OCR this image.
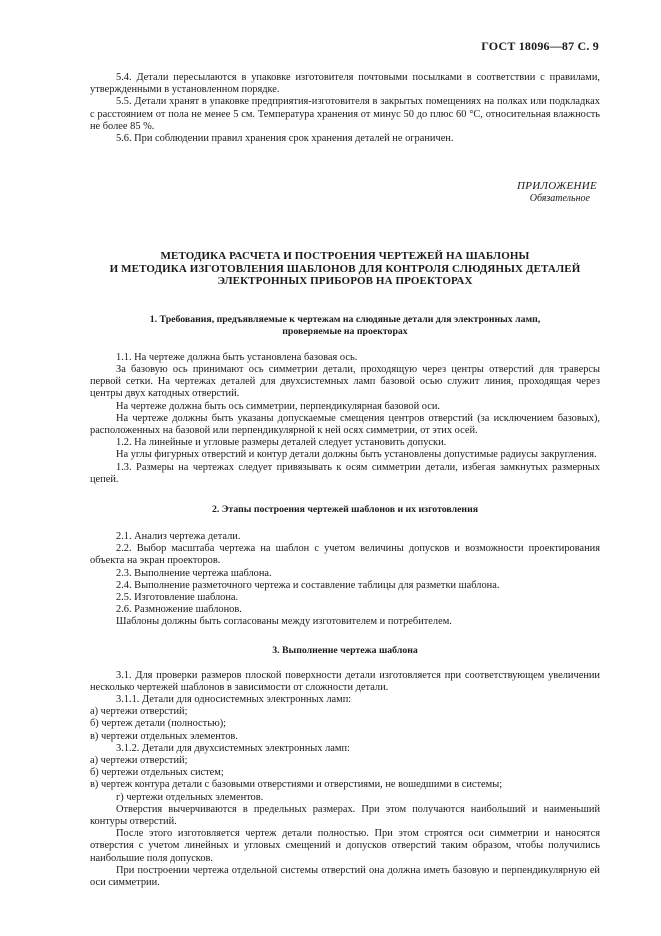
ГОСТ 18096—87 С. 9

5.4. Детали пересылаются в упаковке изготовителя почтовыми посылками в соответствии с правилами, утвержденными в установленном порядке.

5.5. Детали хранят в упаковке предприятия-изготовителя в закрытых помещениях на полках или подкладках с расстоянием от пола не менее 5 см. Температура хранения от минус 50 до плюс 60 °С, относительная влажность не более 85 %.

5.6. При соблюдении правил хранения срок хранения деталей не ограничен.

ПРИЛОЖЕНИЕ
Обязательное
МЕТОДИКА РАСЧЕТА И ПОСТРОЕНИЯ ЧЕРТЕЖЕЙ НА ШАБЛОНЫ
И МЕТОДИКА ИЗГОТОВЛЕНИЯ ШАБЛОНОВ ДЛЯ КОНТРОЛЯ СЛЮДЯНЫХ ДЕТАЛЕЙ
ЭЛЕКТРОННЫХ ПРИБОРОВ НА ПРОЕКТОРАХ
1. Требования, предъявляемые к чертежам на слюдяные детали для электронных ламп,
проверяемые на проекторах

1.1. На чертеже должна быть установлена базовая ось.

За базовую ось принимают ось симметрии детали, проходящую через центры отверстий для траверсы первой сетки. На чертежах деталей для двухсистемных ламп базовой осью служит линия, проходящая через центры двух катодных отверстий.

На чертеже должна быть ось симметрии, перпендикулярная базовой оси.

На чертеже должны быть указаны допускаемые смещения центров отверстий (за исключением базовых), расположенных на базовой или перпендикулярной к ней осях симметрии, от этих осей.

1.2. На линейные и угловые размеры деталей следует установить допуски.

На углы фигурных отверстий и контур детали должны быть установлены допустимые радиусы закругления.

1.3. Размеры на чертежах следует привязывать к осям симметрии детали, избегая замкнутых размерных цепей.

2. Этапы построения чертежей шаблонов и их изготовления

2.1. Анализ чертежа детали.

2.2. Выбор масштаба чертежа на шаблон с учетом величины допусков и возможности проектирования объекта на экран проекторов.

2.3. Выполнение чертежа шаблона.

2.4. Выполнение разметочного чертежа и составление таблицы для разметки шаблона.

2.5. Изготовление шаблона.

2.6. Размножение шаблонов.

Шаблоны должны быть согласованы между изготовителем и потребителем.

3. Выполнение чертежа шаблона

3.1. Для проверки размеров плоской поверхности детали изготовляется при соответствующем увеличении несколько чертежей шаблонов в зависимости от сложности детали.

3.1.1. Детали для односистемных электронных ламп:

а) чертежи отверстий;

б) чертеж детали (полностью);

в) чертежи отдельных элементов.

3.1.2. Детали для двухсистемных электронных ламп:

а) чертежи отверстий;

б) чертежи отдельных систем;

в) чертеж контура детали с базовыми отверстиями и отверстиями, не вошедшими в системы;

г) чертежи отдельных элементов.

Отверстия вычерчиваются в предельных размерах. При этом получаются наибольший и наименьший контуры отверстий.

После этого изготовляется чертеж детали полностью. При этом строятся оси симметрии и наносятся отверстия с учетом линейных и угловых смещений и допусков отверстий таким образом, чтобы получились наибольшие поля допусков.

При построении чертежа отдельной системы отверстий она должна иметь базовую и перпендикулярную ей оси симметрии.
